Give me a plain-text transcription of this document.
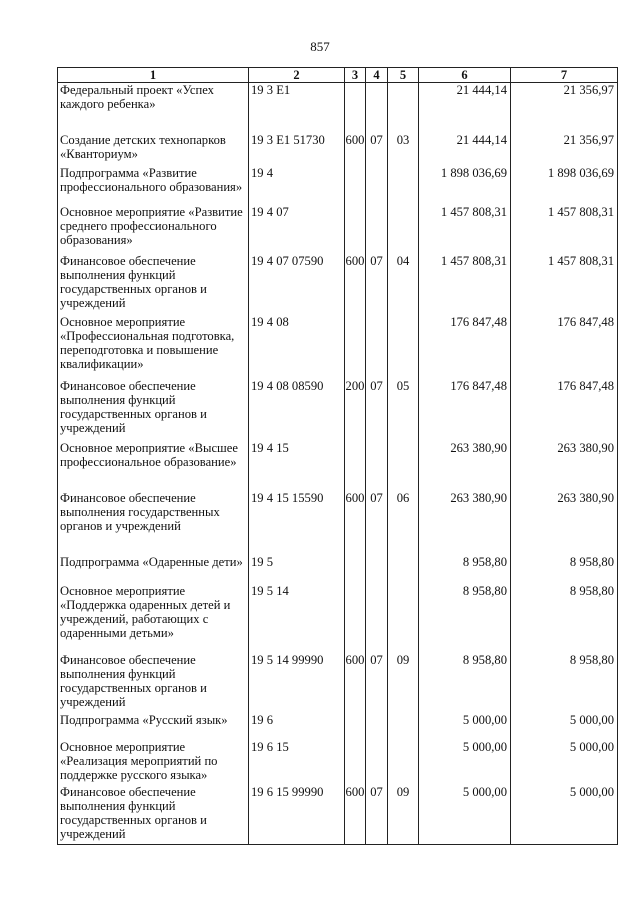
857
1	2	3	4	5	6	7
Федеральный проект «Успех каждого ребенка»	19 3 E1				21 444,14	21 356,97
Создание детских технопарков «Кванториум»	19 3 E1 51730	600	07	03	21 444,14	21 356,97
Подпрограмма «Развитие профессионального образования»	19 4				1 898 036,69	1 898 036,69
Основное мероприятие «Развитие среднего профессионального образования»	19 4 07				1 457 808,31	1 457 808,31
Финансовое обеспечение выполнения функций государственных органов и учреждений	19 4 07 07590	600	07	04	1 457 808,31	1 457 808,31
Основное мероприятие «Профессиональная подготовка, переподготовка и повышение квалификации»	19 4 08				176 847,48	176 847,48
Финансовое обеспечение выполнения функций государственных органов и учреждений	19 4 08 08590	200	07	05	176 847,48	176 847,48
Основное мероприятие «Высшее профессиональное образование»	19 4 15				263 380,90	263 380,90
Финансовое обеспечение выполнения государственных органов и учреждений	19 4 15 15590	600	07	06	263 380,90	263 380,90
Подпрограмма «Одаренные дети»	19 5				8 958,80	8 958,80
Основное мероприятие «Поддержка одаренных детей и учреждений, работающих с одаренными детьми»	19 5 14				8 958,80	8 958,80
Финансовое обеспечение выполнения функций государственных органов и учреждений	19 5 14 99990	600	07	09	8 958,80	8 958,80
Подпрограмма «Русский язык»	19 6				5 000,00	5 000,00
Основное мероприятие «Реализация мероприятий по поддержке русского языка»	19 6 15				5 000,00	5 000,00
Финансовое обеспечение выполнения функций государственных органов и учреждений	19 6 15 99990	600	07	09	5 000,00	5 000,00
